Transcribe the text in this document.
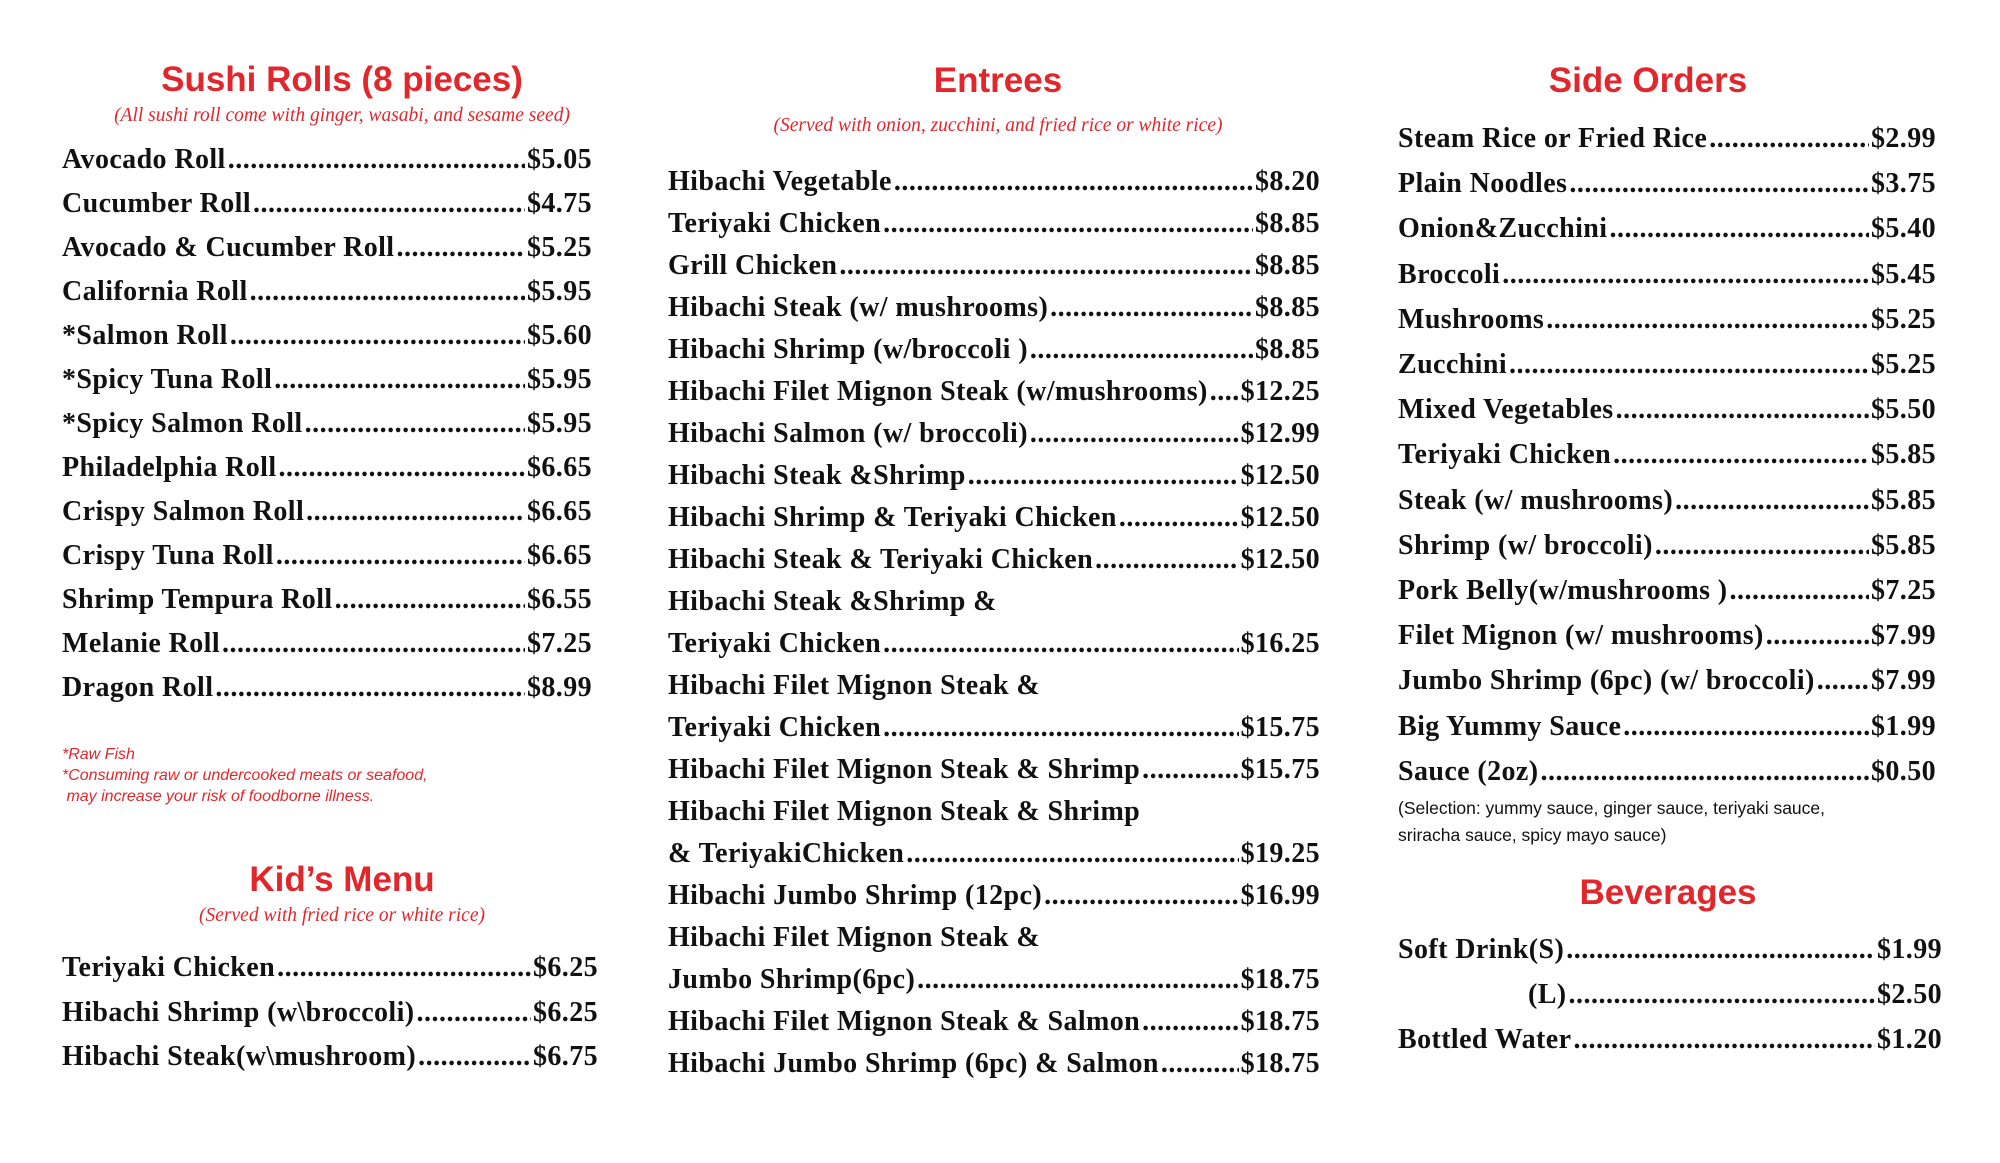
Sushi Rolls (8 pieces)
(All sushi roll come with ginger, wasabi, and sesame seed)
Avocado Roll .....	$5.05
Cucumber Roll .....	$4.75
Avocado & Cucumber Roll .....	$5.25
California Roll .....	$5.95
*Salmon Roll .....	$5.60
*Spicy Tuna Roll .....	$5.95
*Spicy Salmon Roll .....	$5.95
Philadelphia Roll .....	$6.65
Crispy Salmon Roll .....	$6.65
Crispy Tuna Roll .....	$6.65
Shrimp Tempura Roll .....	$6.55
Melanie Roll .....	$7.25
Dragon Roll .....	$8.99
*Raw Fish
*Consuming raw or undercooked meats or seafood,
may increase your risk of foodborne illness.
Kid’s Menu
(Served with fried rice or white rice)
Teriyaki Chicken .....	$6.25
Hibachi Shrimp (w\broccoli) .....	$6.25
Hibachi Steak(w\mushroom) .....	$6.75
Entrees
(Served with onion, zucchini, and fried rice or white rice)
Hibachi Vegetable .....	$8.20
Teriyaki Chicken .....	$8.85
Grill Chicken .....	$8.85
Hibachi Steak (w/ mushrooms) .....	$8.85
Hibachi Shrimp (w/broccoli ) .....	$8.85
Hibachi Filet Mignon Steak (w/mushrooms) ..... $12.25
Hibachi Salmon (w/ broccoli) .....	$12.99
Hibachi Steak &Shrimp .....	$12.50
Hibachi Shrimp & Teriyaki Chicken .....	$12.50
Hibachi Steak & Teriyaki Chicken .....	$12.50
Hibachi Steak &Shrimp &
Teriyaki Chicken .....	$16.25
Hibachi Filet Mignon Steak &
Teriyaki Chicken .....	$15.75
Hibachi Filet Mignon Steak & Shrimp .....	$15.75
Hibachi Filet Mignon Steak & Shrimp
& TeriyakiChicken .....	$19.25
Hibachi Jumbo Shrimp (12pc) .....	$16.99
Hibachi Filet Mignon Steak &
Jumbo Shrimp(6pc) .....	$18.75
Hibachi Filet Mignon Steak & Salmon .....	$18.75
Hibachi Jumbo Shrimp (6pc) & Salmon .....	$18.75
Side Orders
Steam Rice or Fried Rice .....	$2.99
Plain Noodles .....	$3.75
Onion&Zucchini .....	$5.40
Broccoli .....	$5.45
Mushrooms .....	$5.25
Zucchini .....	$5.25
Mixed Vegetables .....	$5.50
Teriyaki Chicken .....	$5.85
Steak (w/ mushrooms) .....	$5.85
Shrimp (w/ broccoli) .....	$5.85
Pork Belly(w/mushrooms ) .....	$7.25
Filet Mignon (w/ mushrooms) .....	$7.99
Jumbo Shrimp (6pc) (w/ broccoli) ..... $7.99
Big Yummy Sauce .....	$1.99
Sauce (2oz) .....	$0.50
(Selection: yummy sauce, ginger sauce, teriyaki sauce,
sriracha sauce, spicy mayo sauce)
Beverages
Soft Drink(S) .....	$1.99
(L) .....	$2.50
Bottled Water .....	$1.20
